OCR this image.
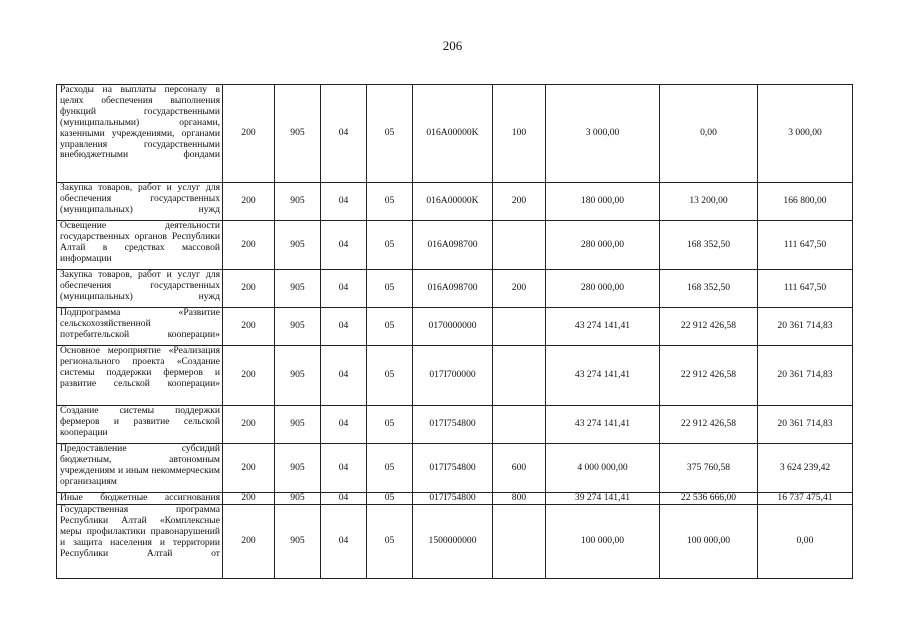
206
Расходы на выплаты персоналу в целях обеспечения выполнения функций государственными (муниципальными) органами, казенными учреждениями, органами управления государственными внебюджетными фондами	200	905	04	05	016A00000K	100	3 000,00	0,00	3 000,00
Закупка товаров, работ и услуг для обеспечения государственных (муниципальных) нужд	200	905	04	05	016A00000K	200	180 000,00	13 200,00	166 800,00
Освещение деятельности государственных органов Республики Алтай в средствах массовой информации	200	905	04	05	016A098700		280 000,00	168 352,50	111 647,50
Закупка товаров, работ и услуг для обеспечения государственных (муниципальных) нужд	200	905	04	05	016A098700	200	280 000,00	168 352,50	111 647,50
Подпрограмма «Развитие сельскохозяйственной потребительской кооперации»	200	905	04	05	0170000000		43 274 141,41	22 912 426,58	20 361 714,83
Основное мероприятие «Реализация регионального проекта «Создание системы поддержки фермеров и развитие сельской кооперации»	200	905	04	05	017I700000		43 274 141,41	22 912 426,58	20 361 714,83
Создание системы поддержки фермеров и развитие сельской кооперации	200	905	04	05	017I754800		43 274 141,41	22 912 426,58	20 361 714,83
Предоставление субсидий бюджетным, автономным учреждениям и иным некоммерческим организациям	200	905	04	05	017I754800	600	4 000 000,00	375 760,58	3 624 239,42
Иные бюджетные ассигнования	200	905	04	05	017I754800	800	39 274 141,41	22 536 666,00	16 737 475,41
Государственная программа Республики Алтай «Комплексные меры профилактики правонарушений и защита населения и территории Республики Алтай от	200	905	04	05	1500000000		100 000,00	100 000,00	0,00
